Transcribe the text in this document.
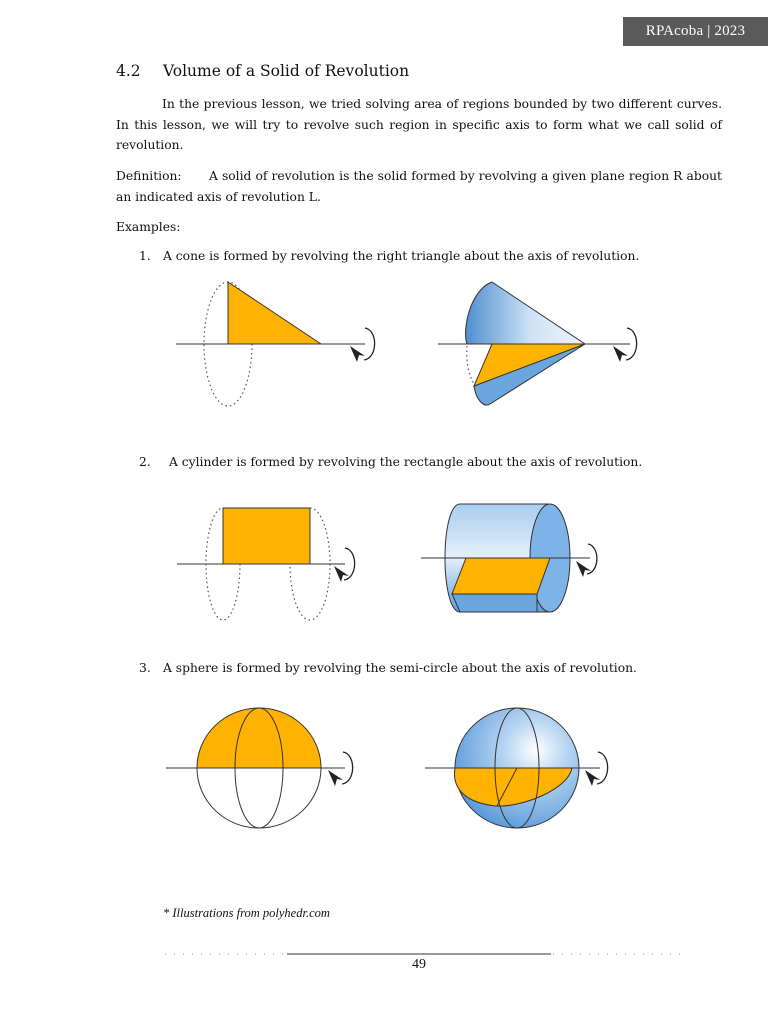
RPAcoba | 2023
4.2 Volume of a Solid of Revolution

In the previous lesson, we tried solving area of regions bounded by two different curves. In this lesson, we will try to revolve such region in specific axis to form what we call solid of revolution.

Definition: A solid of revolution is the solid formed by revolving a given plane region R about an indicated axis of revolution L.

Examples:

1. A cone is formed by revolving the right triangle about the axis of revolution.

2. A cylinder is formed by revolving the rectangle about the axis of revolution.

3. A sphere is formed by revolving the semi-circle about the axis of revolution.

* Illustrations from polyhedr.com
49
